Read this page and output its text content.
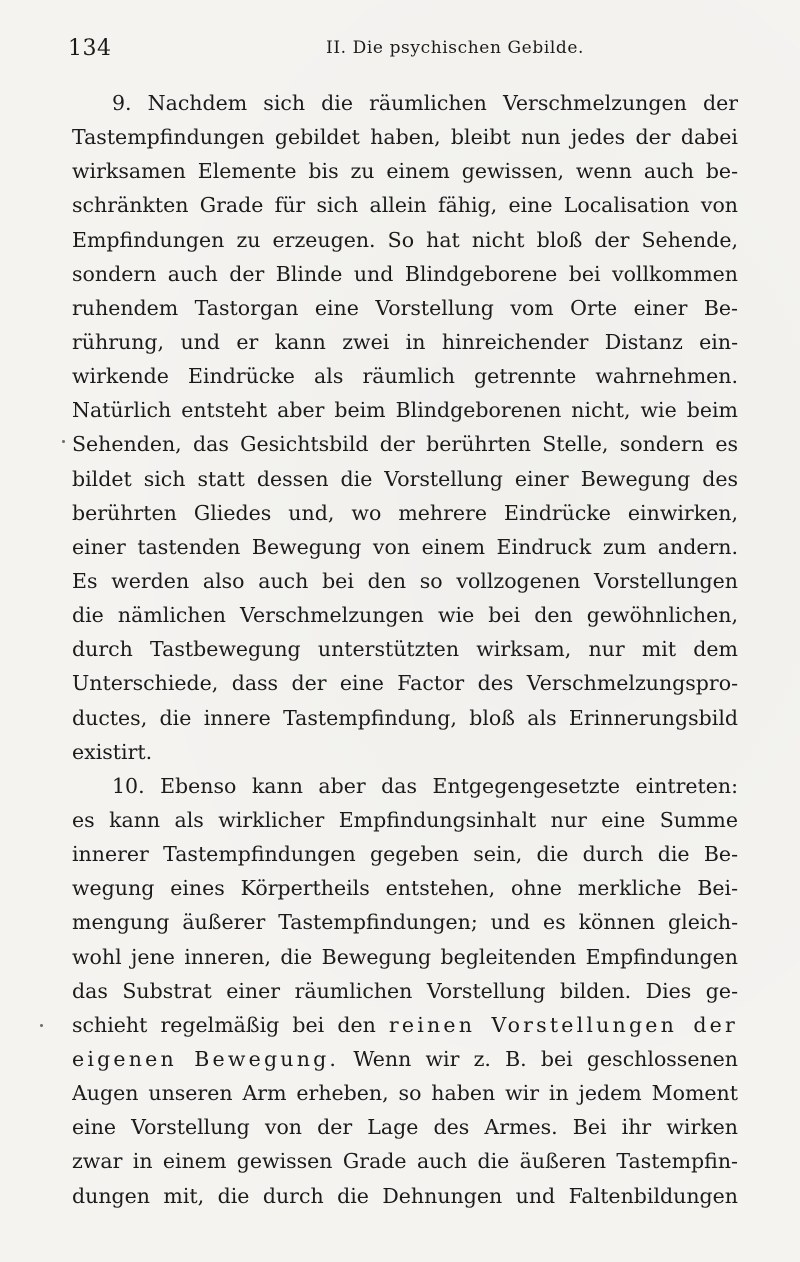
134	II. Die psychischen Gebilde.
9. Nachdem sich die räumlichen Verschmelzungen der
Tastempfindungen gebildet haben, bleibt nun jedes der dabei
wirksamen Elemente bis zu einem gewissen, wenn auch be-
schränkten Grade für sich allein fähig, eine Localisation von
Empfindungen zu erzeugen. So hat nicht bloß der Sehende,
sondern auch der Blinde und Blindgeborene bei vollkommen
ruhendem Tastorgan eine Vorstellung vom Orte einer Be-
rührung, und er kann zwei in hinreichender Distanz ein-
wirkende Eindrücke als räumlich getrennte wahrnehmen.
Natürlich entsteht aber beim Blindgeborenen nicht, wie beim
Sehenden, das Gesichtsbild der berührten Stelle, sondern es
bildet sich statt dessen die Vorstellung einer Bewegung des
berührten Gliedes und, wo mehrere Eindrücke einwirken,
einer tastenden Bewegung von einem Eindruck zum andern.
Es werden also auch bei den so vollzogenen Vorstellungen
die nämlichen Verschmelzungen wie bei den gewöhnlichen,
durch Tastbewegung unterstützten wirksam, nur mit dem
Unterschiede, dass der eine Factor des Verschmelzungspro-
ductes, die innere Tastempfindung, bloß als Erinnerungsbild
existirt.
10. Ebenso kann aber das Entgegengesetzte eintreten:
es kann als wirklicher Empfindungsinhalt nur eine Summe
innerer Tastempfindungen gegeben sein, die durch die Be-
wegung eines Körpertheils entstehen, ohne merkliche Bei-
mengung äußerer Tastempfindungen; und es können gleich-
wohl jene inneren, die Bewegung begleitenden Empfindungen
das Substrat einer räumlichen Vorstellung bilden. Dies ge-
schieht regelmäßig bei den reinen Vorstellungen der
eigenen Bewegung. Wenn wir z. B. bei geschlossenen
Augen unseren Arm erheben, so haben wir in jedem Moment
eine Vorstellung von der Lage des Armes. Bei ihr wirken
zwar in einem gewissen Grade auch die äußeren Tastempfin-
dungen mit, die durch die Dehnungen und Faltenbildungen
